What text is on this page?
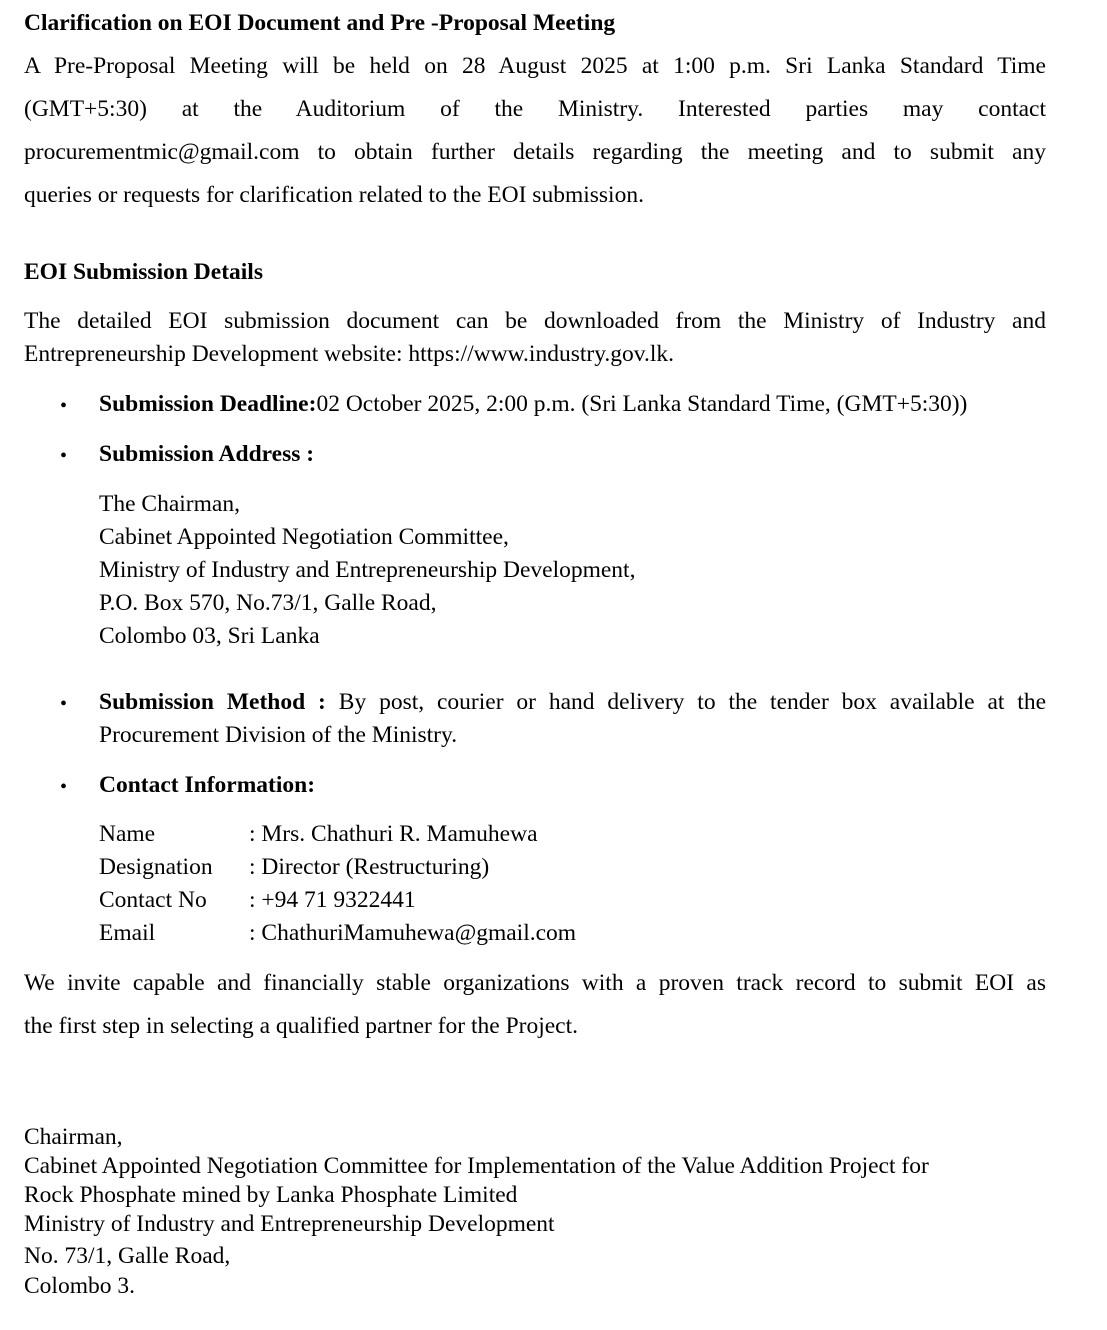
Clarification on EOI Document and Pre -Proposal Meeting
A Pre-Proposal Meeting will be held on 28 August 2025 at 1:00 p.m. Sri Lanka Standard Time
(GMT+5:30) at the Auditorium of the Ministry. Interested parties may contact
procurementmic@gmail.com to obtain further details regarding the meeting and to submit any
queries or requests for clarification related to the EOI submission.
EOI Submission Details
The detailed EOI submission document can be downloaded from the Ministry of Industry and
Entrepreneurship Development website: https://www.industry.gov.lk.
• Submission Deadline:02 October 2025, 2:00 p.m. (Sri Lanka Standard Time, (GMT+5:30))
• Submission Address :
The Chairman,
Cabinet Appointed Negotiation Committee,
Ministry of Industry and Entrepreneurship Development,
P.O. Box 570, No.73/1, Galle Road,
Colombo 03, Sri Lanka
• Submission Method : By post, courier or hand delivery to the tender box available at the
Procurement Division of the Ministry.
• Contact Information:
Name	: Mrs. Chathuri R. Mamuhewa
Designation : Director (Restructuring)
Contact No : +94 71 9322441
Email	: ChathuriMamuhewa@gmail.com
We invite capable and financially stable organizations with a proven track record to submit EOI as
the first step in selecting a qualified partner for the Project.
Chairman,
Cabinet Appointed Negotiation Committee for Implementation of the Value Addition Project for
Rock Phosphate mined by Lanka Phosphate Limited
Ministry of Industry and Entrepreneurship Development
No. 73/1, Galle Road,
Colombo 3.
